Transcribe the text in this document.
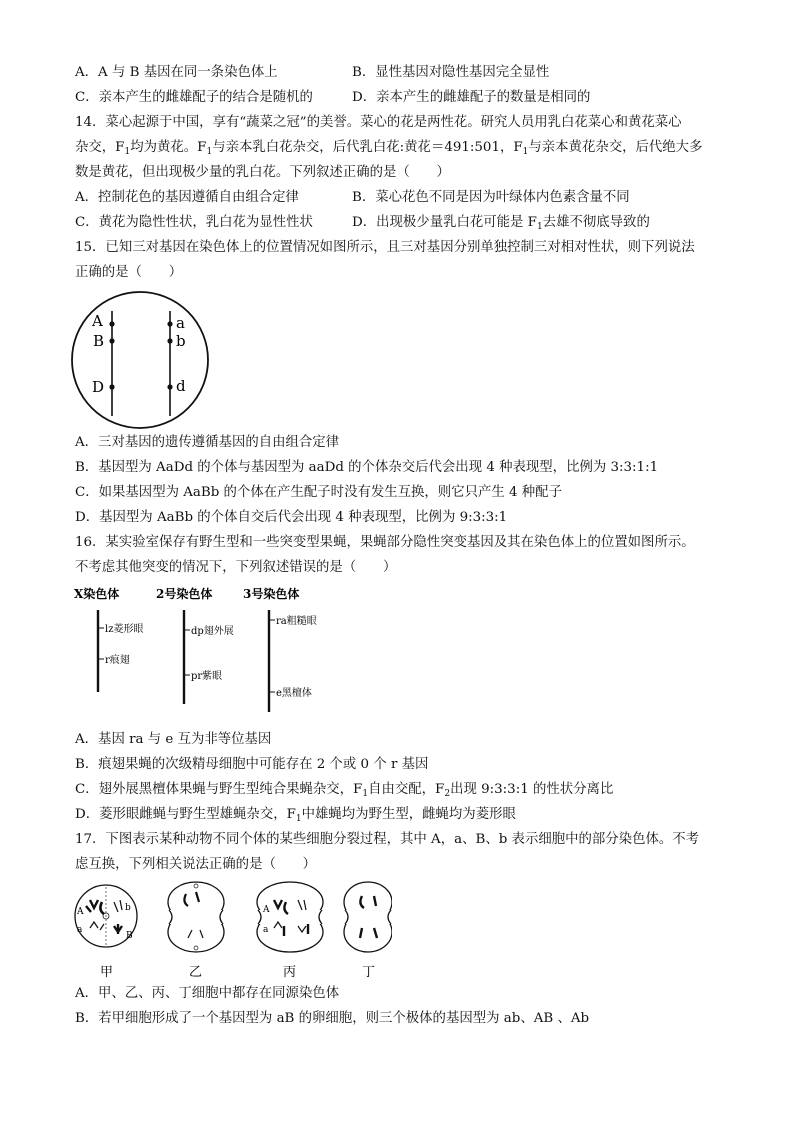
A．A 与 B 基因在同一条染色体上	B．显性基因对隐性基因完全显性
C．亲本产生的雌雄配子的结合是随机的	D．亲本产生的雌雄配子的数量是相同的
14．菜心起源于中国，享有“蔬菜之冠”的美誉。菜心的花是两性花。研究人员用乳白花菜心和黄花菜心
杂交，$F_1$均为黄花。$F_1$与亲本乳白花杂交，后代乳白花:黄花＝491:501，$F_1$与亲本黄花杂交，后代绝大多
数是黄花，但出现极少量的乳白花。下列叙述正确的是（　　）
A．控制花色的基因遵循自由组合定律	B．菜心花色不同是因为叶绿体内色素含量不同
C．黄花为隐性性状，乳白花为显性性状	D．出现极少量乳白花可能是 $F_1$去雄不彻底导致的
15．已知三对基因在染色体上的位置情况如图所示，且三对基因分别单独控制三对相对性状，则下列说法
正确的是（　　）
A
B
D
a
b
d
A．三对基因的遗传遵循基因的自由组合定律
B．基因型为 AaDd 的个体与基因型为 aaDd 的个体杂交后代会出现 4 种表现型，比例为 3:3:1:1
C．如果基因型为 AaBb 的个体在产生配子时没有发生互换，则它只产生 4 种配子
D．基因型为 AaBb 的个体自交后代会出现 4 种表现型，比例为 9:3:3:1
16．某实验室保存有野生型和一些突变型果蝇，果蝇部分隐性突变基因及其在染色体上的位置如图所示。
不考虑其他突变的情况下，下列叙述错误的是（　　）
X染色体	2号染色体	3号染色体
lz菱形眼
r痕翅
dp翅外展
pr紫眼
ra粗糙眼
e黑檀体
A．基因 ra 与 e 互为非等位基因
B．痕翅果蝇的次级精母细胞中可能存在 2 个或 0 个 r 基因
C．翅外展黑檀体果蝇与野生型纯合果蝇杂交，$F_1$自由交配，$F_2$出现 9:3:3:1 的性状分离比
D．菱形眼雌蝇与野生型雄蝇杂交，$F_1$中雄蝇均为野生型，雌蝇均为菱形眼
17．下图表示某种动物不同个体的某些细胞分裂过程，其中 A，a、B、b 表示细胞中的部分染色体。不考
虑互换，下列相关说法正确的是（　　）
A	b
a
B
A
a
甲	乙	丙	丁
A．甲、乙、丙、丁细胞中都存在同源染色体
B．若甲细胞形成了一个基因型为 aB 的卵细胞，则三个极体的基因型为 ab、AB 、Ab
